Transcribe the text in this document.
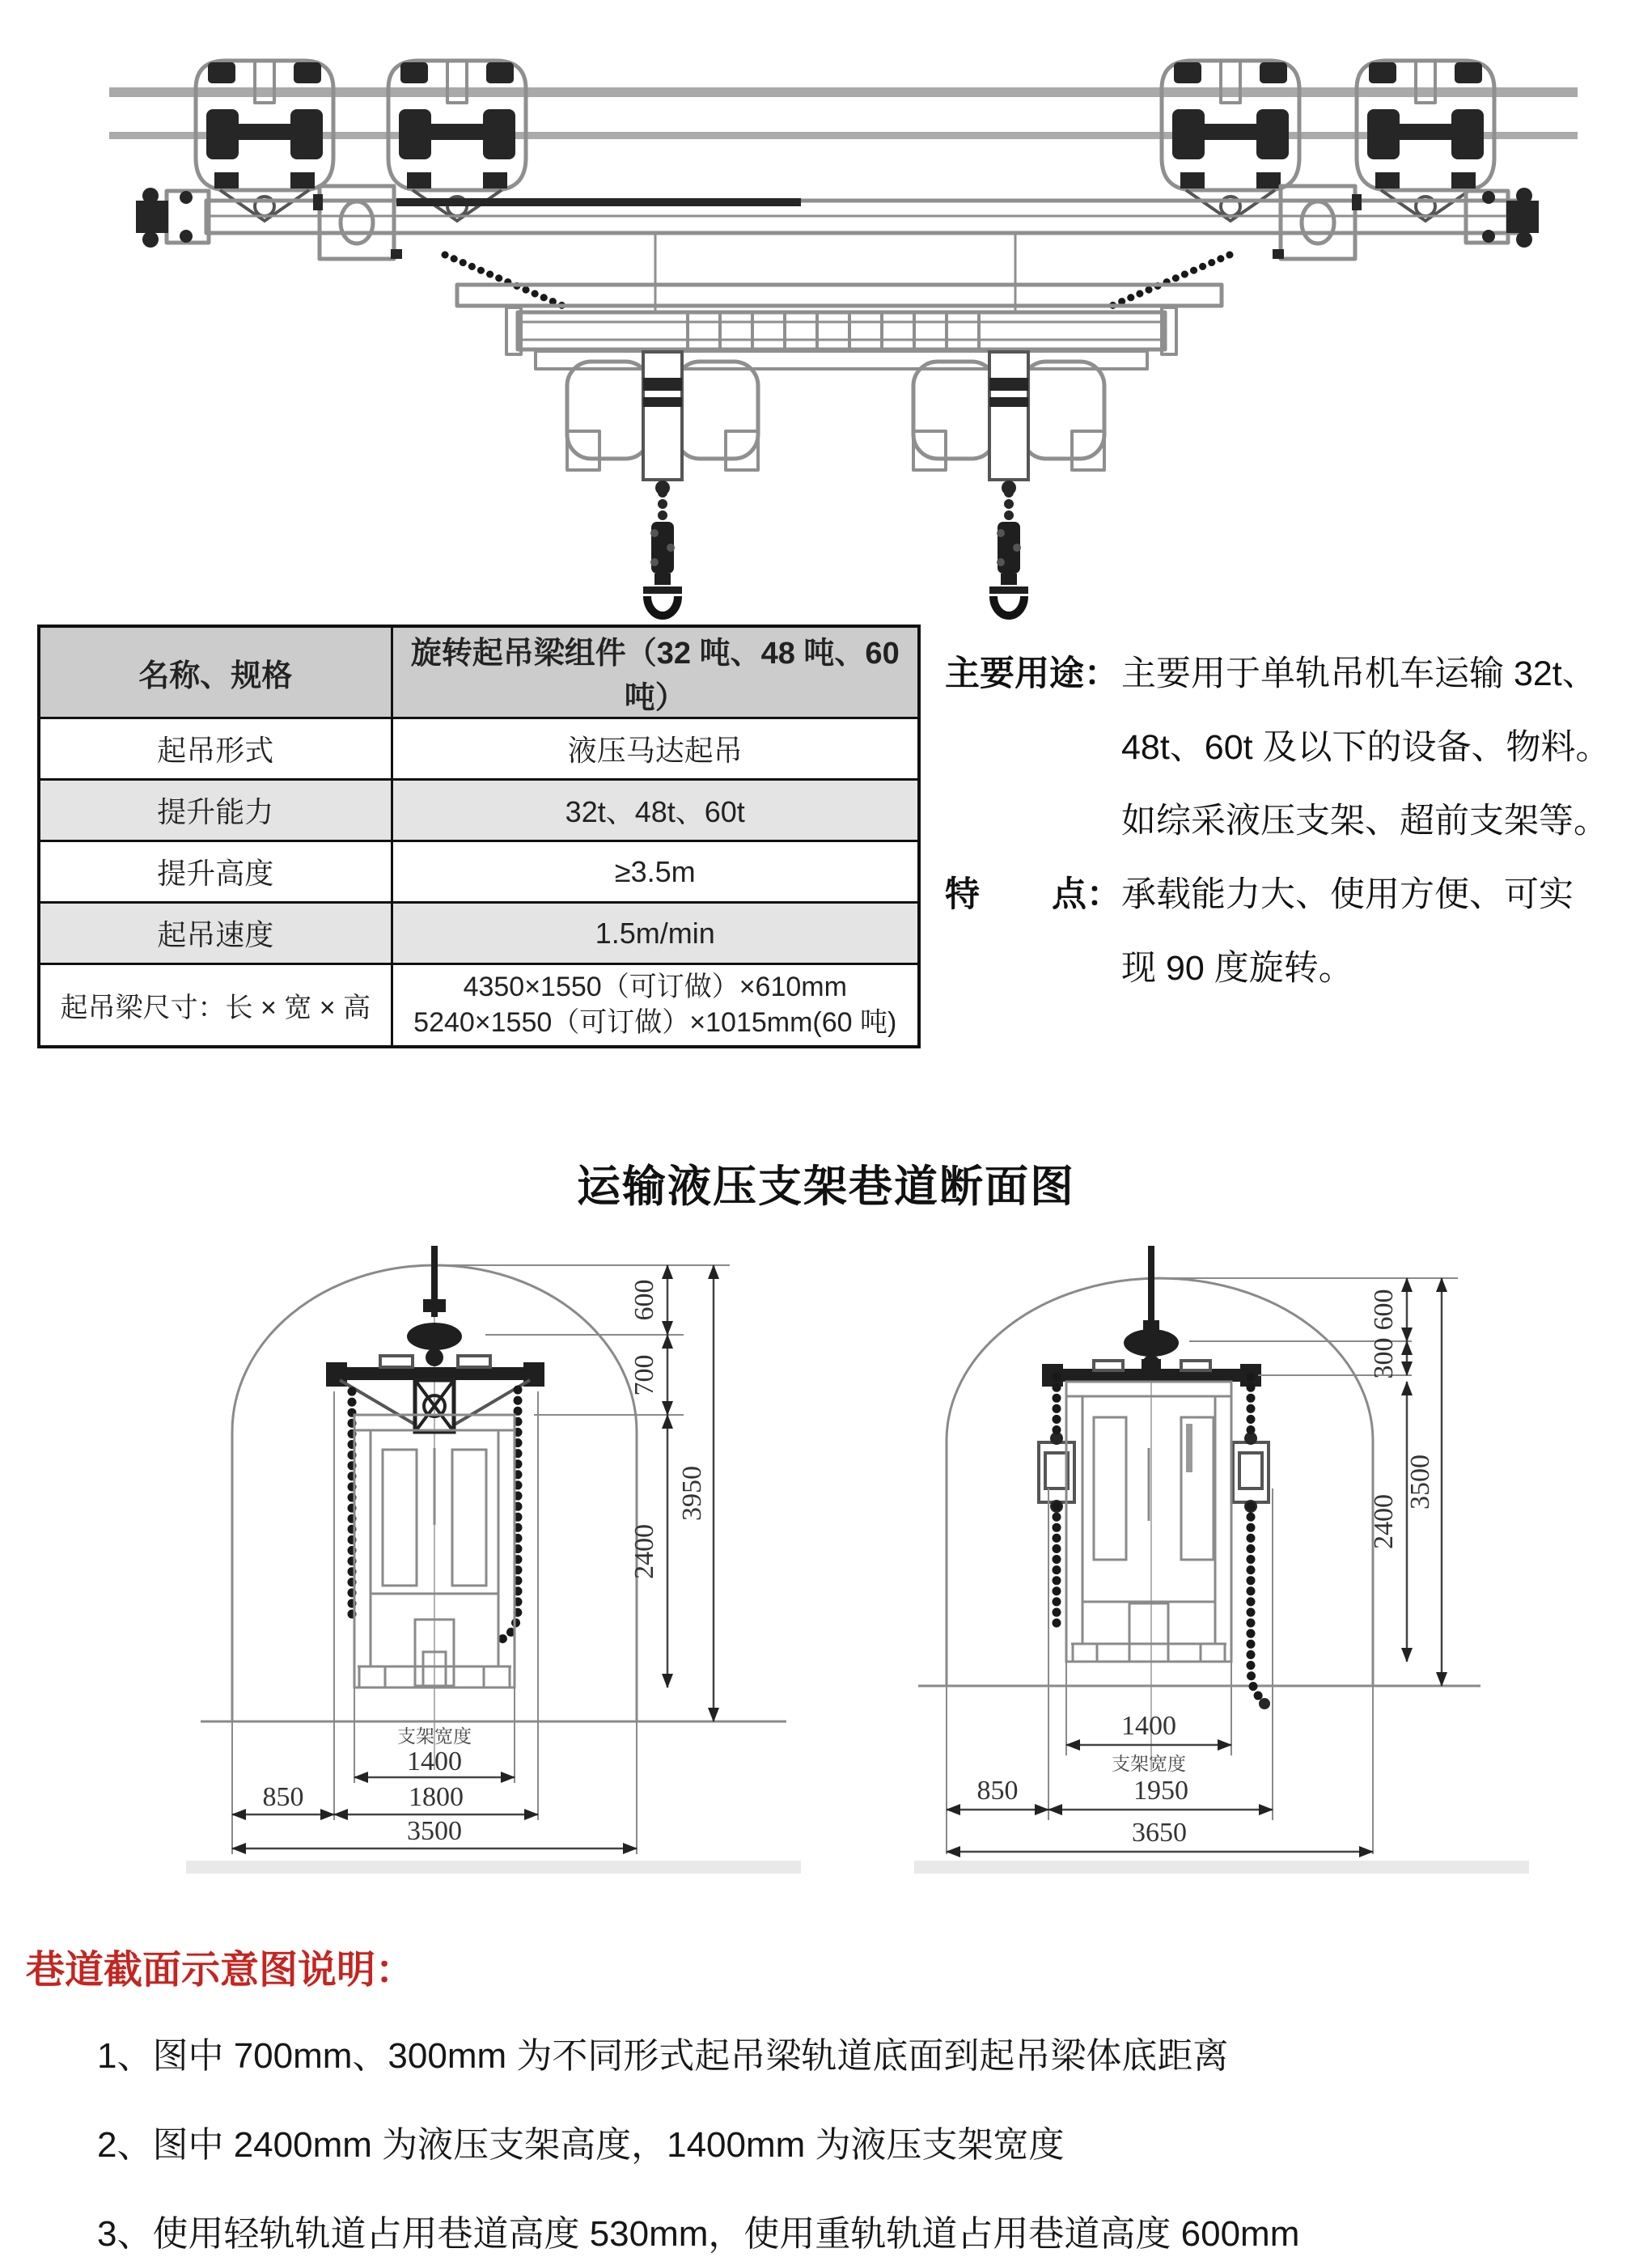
名称、规格	旋转起吊梁组件（32 吨、48 吨、60 吨）
起吊形式	液压马达起吊
提升能力	32t、48t、60t
提升高度	≥3.5m
起吊速度	1.5m/min
起吊梁尺寸：长 × 宽 × 高	4350×1550（可订做）×610mm
5240×1550（可订做）×1015mm(60 吨)
主要用途：主要用于单轨吊机车运输 32t、
48t、60t 及以下的设备、物料。
如综采液压支架、超前支架等。
特 点： 承载能力大、使用方便、可实
现 90 度旋转。
运输液压支架巷道断面图
600
700
2400
3950
支架宽度
1400
850	1800
3500
600
300
2400
3500
1400
支架宽度
850	1950
3650
巷道截面示意图说明：
1、图中 700mm、300mm 为不同形式起吊梁轨道底面到起吊梁体底距离
2、图中 2400mm 为液压支架高度，1400mm 为液压支架宽度
3、使用轻轨轨道占用巷道高度 530mm，使用重轨轨道占用巷道高度 600mm
